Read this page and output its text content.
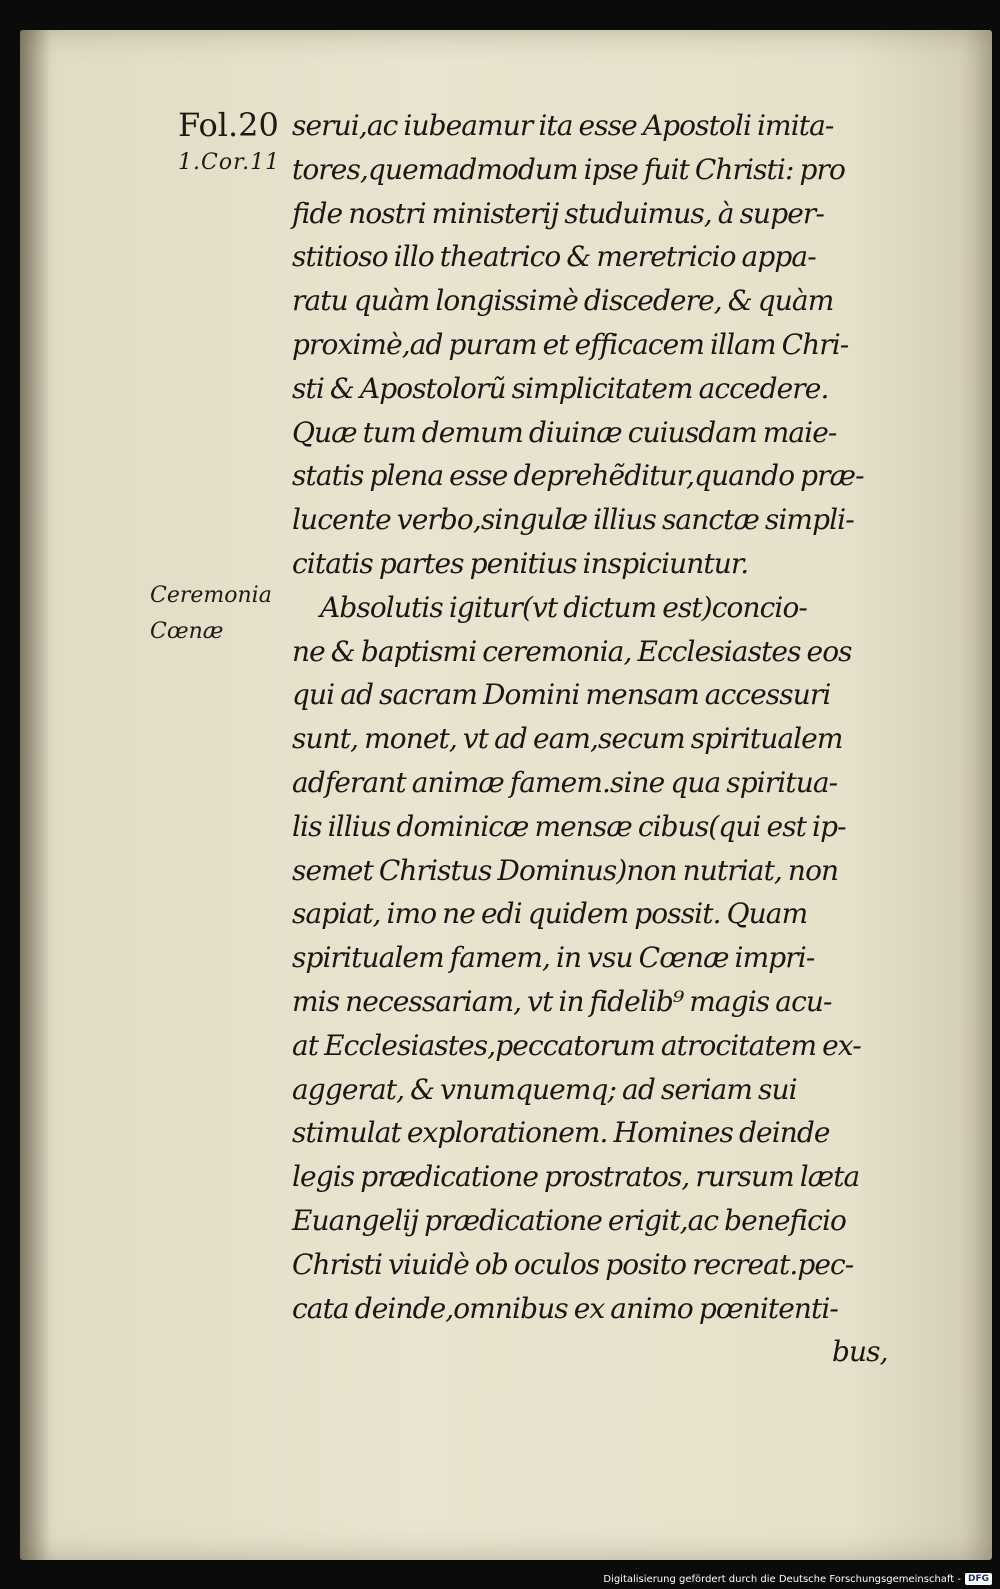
Fol.20
1.Cor.11
Ceremonia
Cœnæ
serui,ac iubeamur ita esse Apostoli imita-
tores,quemadmodum ipse fuit Christi: pro
fide nostri ministerij studuimus, à super-
stitioso illo theatrico & meretricio appa-
ratu quàm longissimè discedere, & quàm
proximè,ad puram et efficacem illam Chri-
sti & Apostolorũ simplicitatem accedere.
Quæ tum demum diuinæ cuiusdam maie-
statis plena esse deprehẽditur,quando præ-
lucente verbo,singulæ illius sanctæ simpli-
citatis partes penitius inspiciuntur.
Absolutis igitur(vt dictum est)concio-
ne & baptismi ceremonia, Ecclesiastes eos
qui ad sacram Domini mensam accessuri
sunt, monet, vt ad eam,secum spiritualem
adferant animæ famem.sine qua spiritua-
lis illius dominicæ mensæ cibus(qui est ip-
semet Christus Dominus)non nutriat, non
sapiat, imo ne edi quidem possit. Quam
spiritualem famem, in vsu Cœnæ impri-
mis necessariam, vt in fidelib⁹ magis acu-
at Ecclesiastes,peccatorum atrocitatem ex-
aggerat, & vnumquemq; ad seriam sui
stimulat explorationem. Homines deinde
legis prædicatione prostratos, rursum læta
Euangelij prædicatione erigit,ac beneficio
Christi viuidè ob oculos posito recreat.pec-
cata deinde,omnibus ex animo pœnitenti-
bus,
Digitalisierung gefördert durch die Deutsche Forschungsgemeinschaft - DFG
